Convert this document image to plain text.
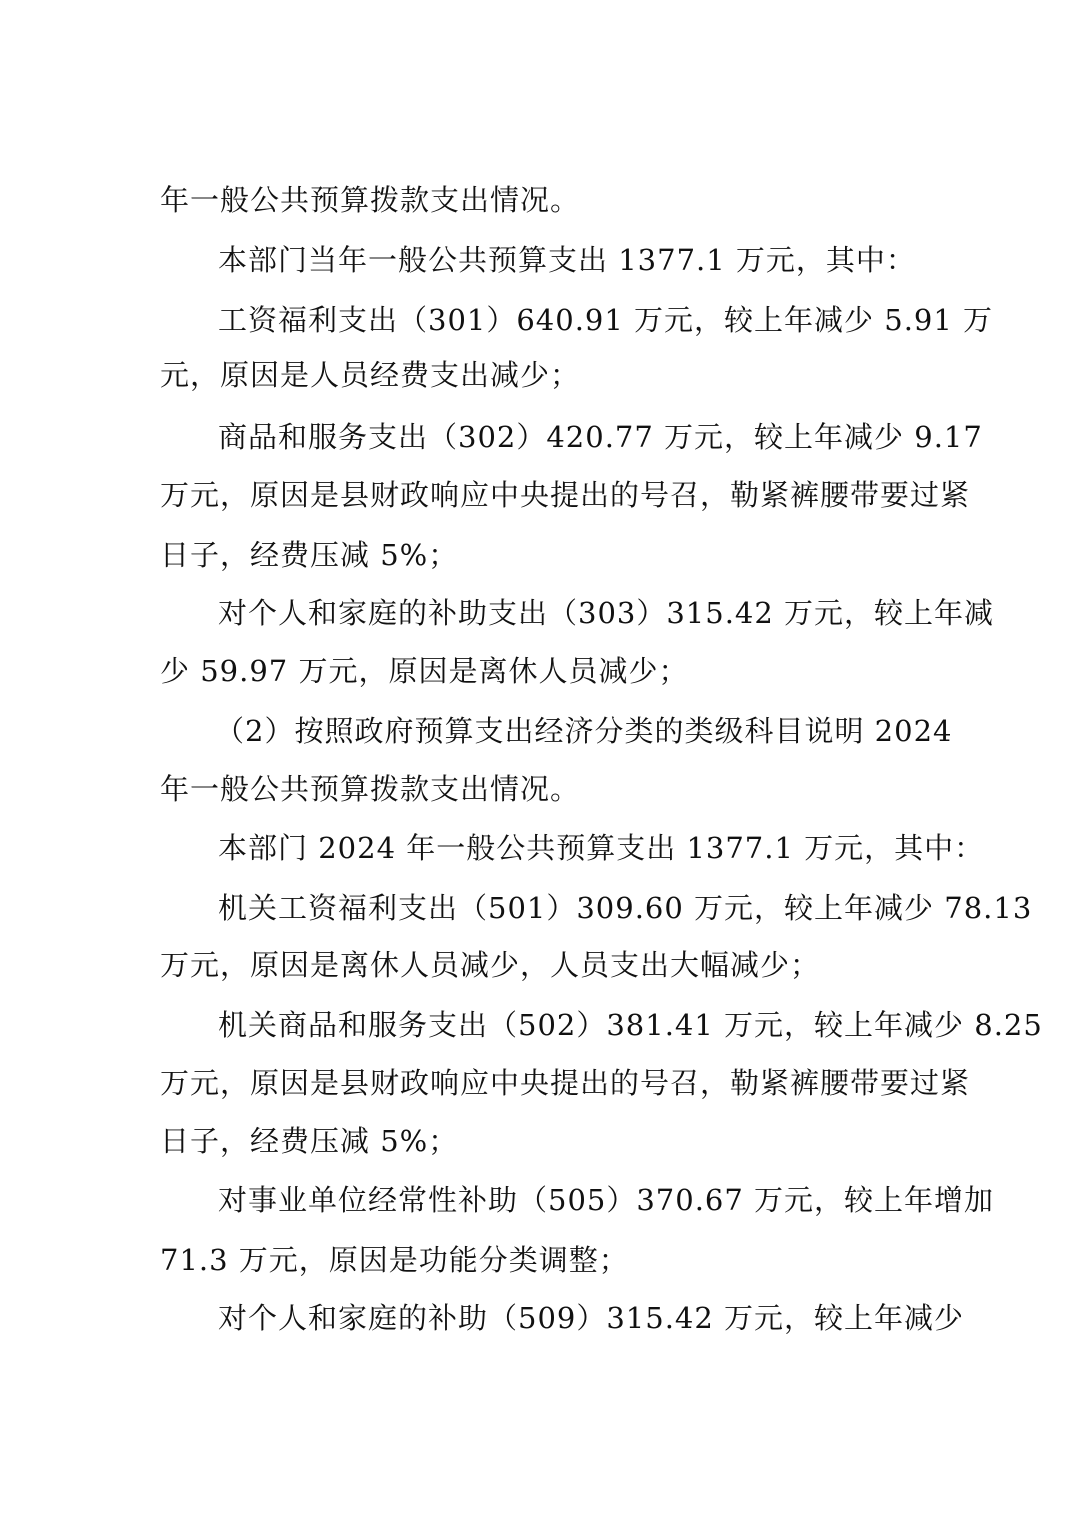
年一般公共预算拨款支出情况。
本部门当年一般公共预算支出 1377.1 万元，其中：
工资福利支出（301）640.91 万元，较上年减少 5.91 万
元，原因是人员经费支出减少；
商品和服务支出（302）420.77 万元，较上年减少 9.17
万元，原因是县财政响应中央提出的号召，勒紧裤腰带要过紧
日子，经费压减 5%；
对个人和家庭的补助支出（303）315.42 万元，较上年减
少 59.97 万元，原因是离休人员减少；
（2）按照政府预算支出经济分类的类级科目说明 2024
年一般公共预算拨款支出情况。
本部门 2024 年一般公共预算支出 1377.1 万元，其中：
机关工资福利支出（501）309.60 万元，较上年减少 78.13
万元，原因是离休人员减少，人员支出大幅减少；
机关商品和服务支出（502）381.41 万元，较上年减少 8.25
万元，原因是县财政响应中央提出的号召，勒紧裤腰带要过紧
日子，经费压减 5%；
对事业单位经常性补助（505）370.67 万元，较上年增加
71.3 万元，原因是功能分类调整；
对个人和家庭的补助（509）315.42 万元，较上年减少
